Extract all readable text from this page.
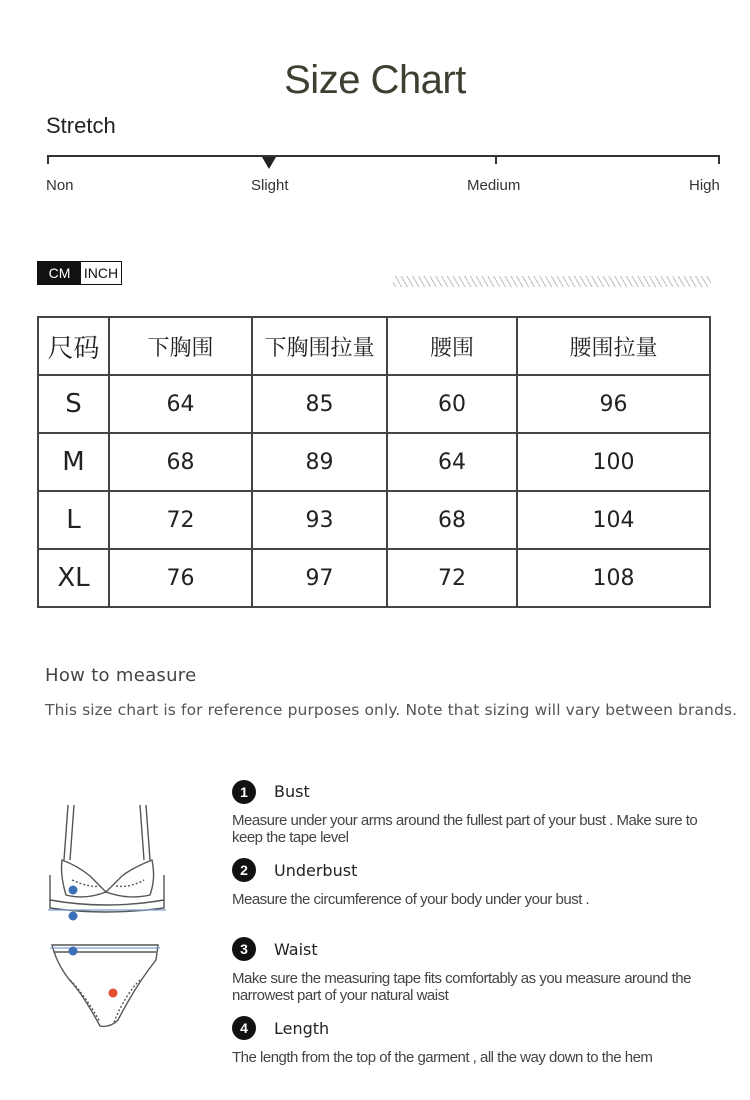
Size Chart
Stretch
Non	Slight	Medium	High
CM INCH
尺码	下胸围	下胸围拉量	腰围	腰围拉量
S	64	85	60	96
M	68	89	64	100
L	72	93	68	104
XL	76	97	72	108
How to measure
This size chart is for reference purposes only. Note that sizing will vary between brands.
1	Bust
Measure under your arms around the fullest part of your bust . Make sure to keep the tape level
2	Underbust
Measure the circumference of your body under your bust .
3	Waist
Make sure the measuring tape fits comfortably as you measure around the narrowest part of your natural waist
4	Length
The length from the top of the garment , all the way down to the hem
